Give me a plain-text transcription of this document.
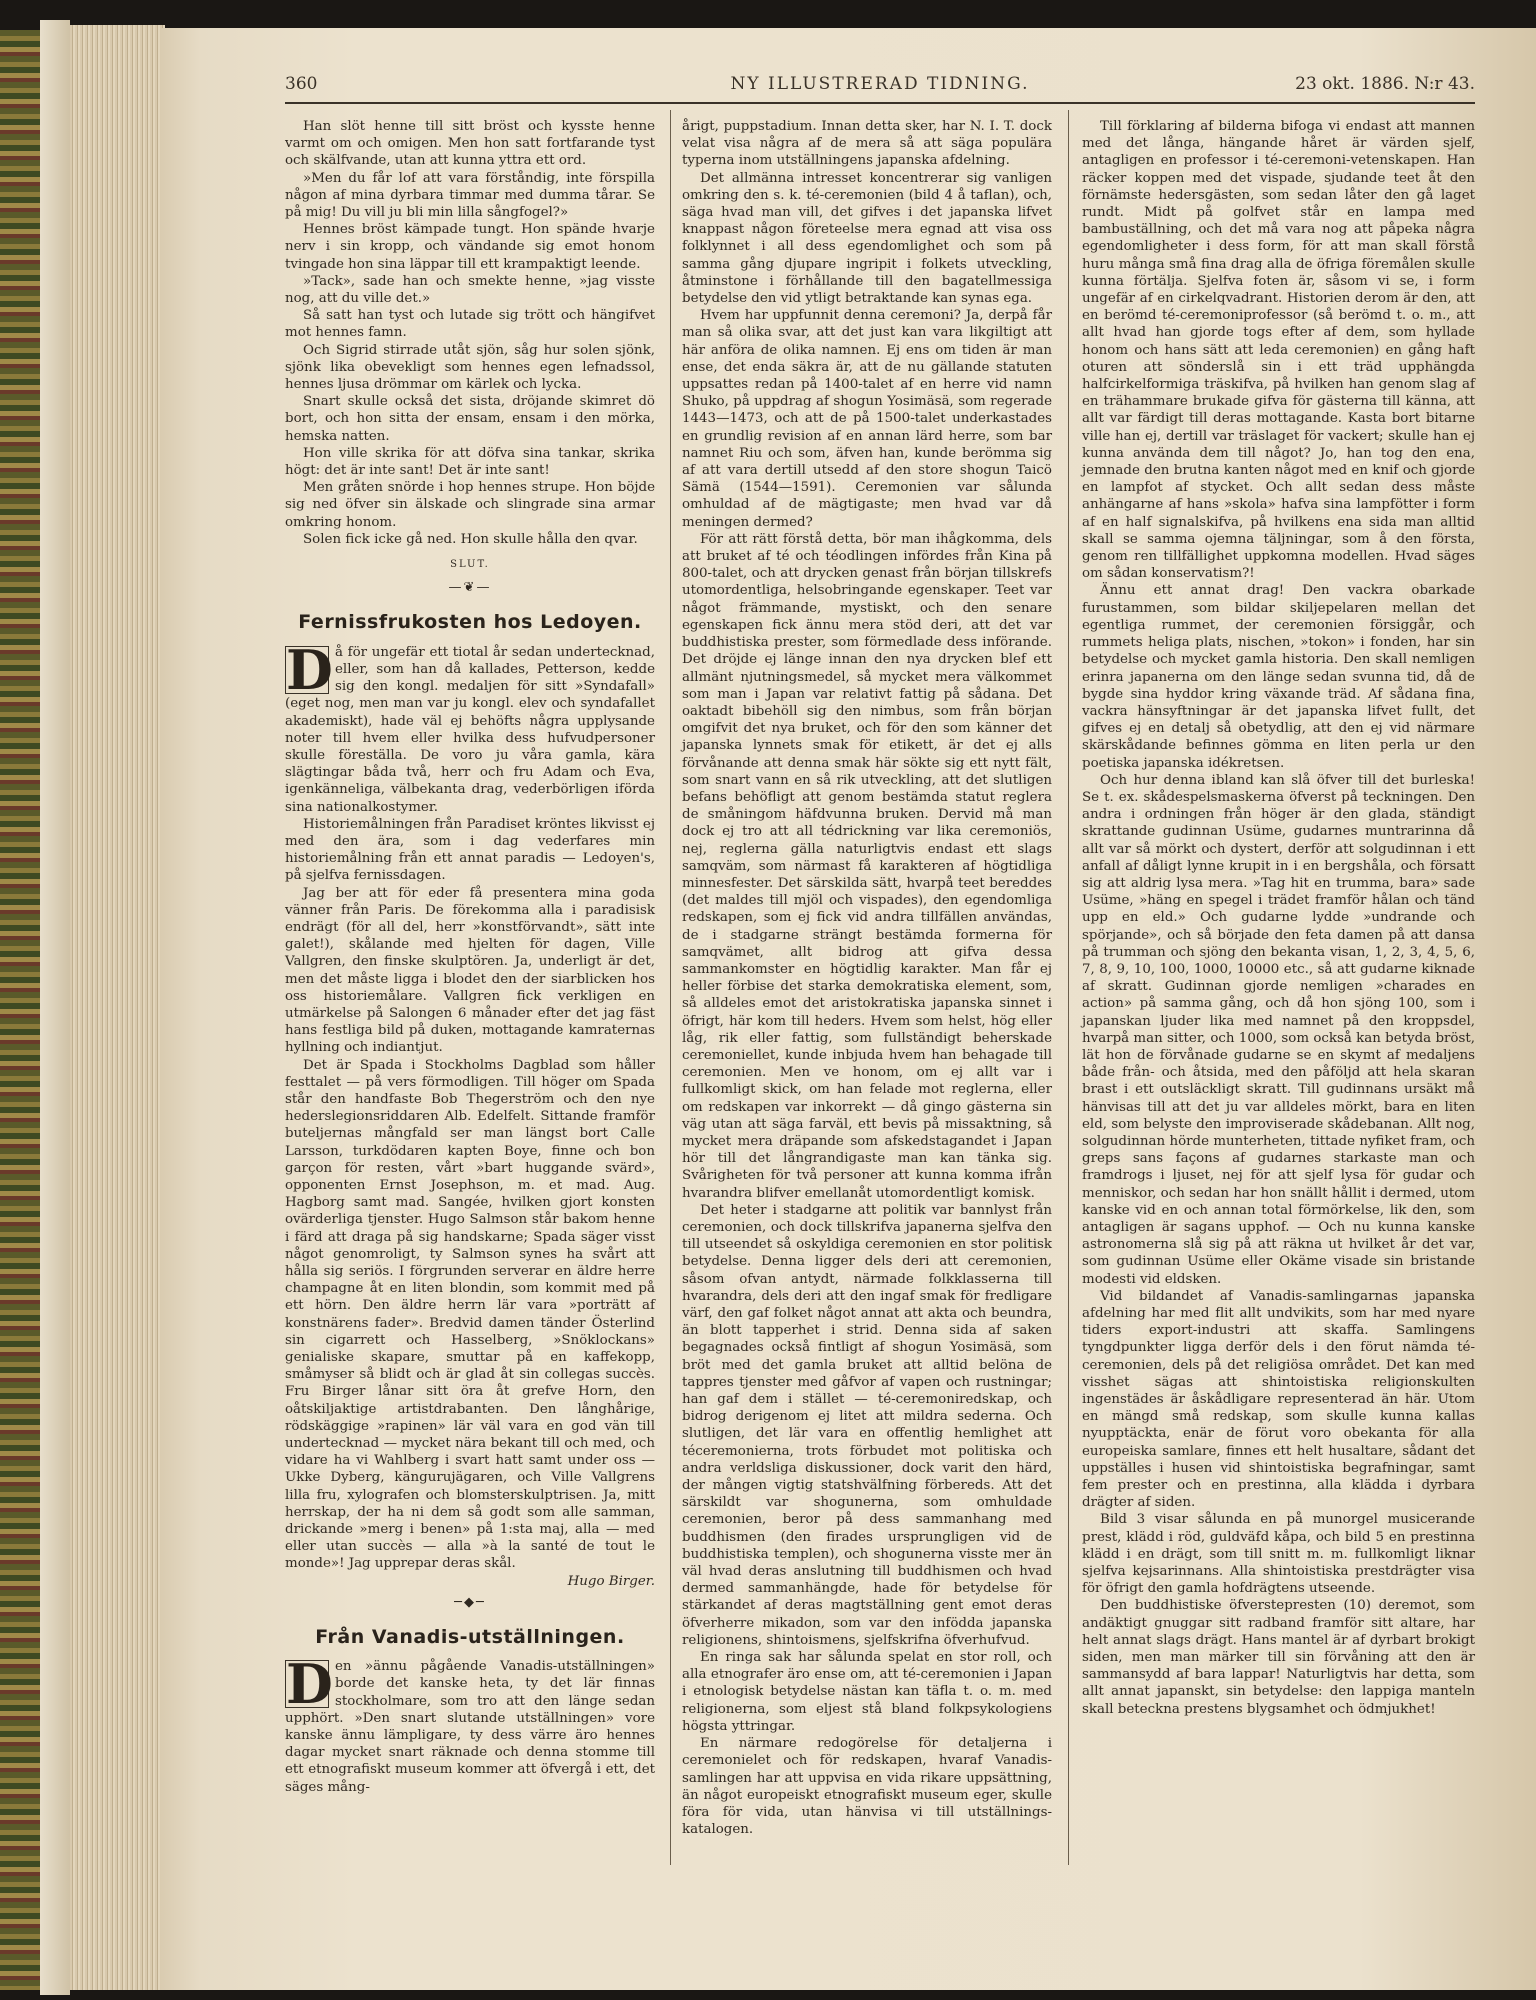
360	NY ILLUSTRERAD TIDNING.	23 okt. 1886. N:r 43.

Han slöt henne till sitt bröst och kysste henne varmt om och omigen. Men hon satt fortfarande tyst och skälfvande, utan att kunna yttra ett ord.

»Men du får lof att vara förståndig, inte förspilla någon af mina dyrbara timmar med dumma tårar. Se på mig! Du vill ju bli min lilla sångfogel?»

Hennes bröst kämpade tungt. Hon spände hvarje nerv i sin kropp, och vändande sig emot honom tvingade hon sina läppar till ett krampaktigt leende.

»Tack», sade han och smekte henne, »jag visste nog, att du ville det.»

Så satt han tyst och lutade sig trött och hängifvet mot hennes famn.

Och Sigrid stirrade utåt sjön, såg hur solen sjönk, sjönk lika obevekligt som hennes egen lefnadssol, hennes ljusa drömmar om kärlek och lycka.

Snart skulle också det sista, dröjande skimret dö bort, och hon sitta der ensam, ensam i den mörka, hemska natten.

Hon ville skrika för att döfva sina tankar, skrika högt: det är inte sant! Det är inte sant!

Men gråten snörde i hop hennes strupe. Hon böjde sig ned öfver sin älskade och slingrade sina armar omkring honom.

Solen fick icke gå ned. Hon skulle hålla den qvar.

SLUT.
—❦—
Fernissfrukosten hos Ledoyen.

D å för ungefär ett tiotal år sedan undertecknad, eller, som han då kallades, Petterson, kedde sig den kongl. medaljen för sitt »Syndafall» (eget nog, men man var ju kongl. elev och syndafallet akademiskt), hade väl ej behöfts några upplysande noter till hvem eller hvilka dess hufvudpersoner skulle föreställa. De voro ju våra gamla, kära slägtingar båda två, herr och fru Adam och Eva, igenkänneliga, välbekanta drag, vederbörligen iförda sina nationalkostymer.

Historiemålningen från Paradiset kröntes likvisst ej med den ära, som i dag vederfares min historiemålning från ett annat paradis — Ledoyen's, på sjelfva fernissdagen.

Jag ber att för eder få presentera mina goda vänner från Paris. De förekomma alla i paradisisk endrägt (för all del, herr »konstförvandt», sätt inte galet!), skålande med hjelten för dagen, Ville Vallgren, den finske skulptören. Ja, underligt är det, men det måste ligga i blodet den der siarblicken hos oss historiemålare. Vallgren fick verkligen en utmärkelse på Salongen 6 månader efter det jag fäst hans festliga bild på duken, mottagande kamraternas hyllning och indiantjut.

Det är Spada i Stockholms Dagblad som håller festtalet — på vers förmodligen. Till höger om Spada står den handfaste Bob Thegerström och den nye hederslegionsriddaren Alb. Edelfelt. Sittande framför buteljernas mångfald ser man längst bort Calle Larsson, turkdödaren kapten Boye, finne och bon garçon för resten, vårt »bart huggande svärd», opponenten Ernst Josephson, m. et mad. Aug. Hagborg samt mad. Sangée, hvilken gjort konsten ovärderliga tjenster. Hugo Salmson står bakom henne i färd att draga på sig handskarne; Spada säger visst något genomroligt, ty Salmson synes ha svårt att hålla sig seriös. I förgrunden serverar en äldre herre champagne åt en liten blondin, som kommit med på ett hörn. Den äldre herrn lär vara »porträtt af konstnärens fader». Bredvid damen tänder Österlind sin cigarrett och Hasselberg, »Snöklockans» genialiske skapare, smuttar på en kaffekopp, småmyser så blidt och är glad åt sin collegas succès. Fru Birger lånar sitt öra åt grefve Horn, den oåtskiljaktige artistdrabanten. Den långhårige, rödskäggige »rapinen» lär väl vara en god vän till undertecknad — mycket nära bekant till och med, och vidare ha vi Wahlberg i svart hatt samt under oss — Ukke Dyberg, kängurujägaren, och Ville Vallgrens lilla fru, xylografen och blomsterskulptrisen. Ja, mitt herrskap, der ha ni dem så godt som alle samman, drickande »merg i benen» på 1:sta maj, alla — med eller utan succès — alla »à la santé de tout le monde»! Jag upprepar deras skål.

Hugo Birger.

─◆─
Från Vanadis-utställningen.

D en »ännu pågående Vanadis-utställningen» borde det kanske heta, ty det lär finnas stockholmare, som tro att den länge sedan upphört. »Den snart slutande utställningen» vore kanske ännu lämpligare, ty dess värre äro hennes dagar mycket snart räknade och denna stomme till ett etnografiskt museum kommer att öfvergå i ett, det säges mång-

årigt, puppstadium. Innan detta sker, har N. I. T. dock velat visa några af de mera så att säga populära typerna inom utställningens japanska afdelning.

Det allmänna intresset koncentrerar sig vanligen omkring den s. k. té-ceremonien (bild 4 å taflan), och, säga hvad man vill, det gifves i det japanska lifvet knappast någon företeelse mera egnad att visa oss folklynnet i all dess egendomlighet och som på samma gång djupare ingripit i folkets utveckling, åtminstone i förhållande till den bagatellmessiga betydelse den vid ytligt betraktande kan synas ega.

Hvem har uppfunnit denna ceremoni? Ja, derpå får man så olika svar, att det just kan vara likgiltigt att här anföra de olika namnen. Ej ens om tiden är man ense, det enda säkra är, att de nu gällande statuten uppsattes redan på 1400-talet af en herre vid namn Shuko, på uppdrag af shogun Yosimäsä, som regerade 1443—1473, och att de på 1500-talet underkastades en grundlig revision af en annan lärd herre, som bar namnet Riu och som, äfven han, kunde berömma sig af att vara dertill utsedd af den store shogun Taicö Sämä (1544—1591). Ceremonien var sålunda omhuldad af de mägtigaste; men hvad var då meningen dermed?

För att rätt förstå detta, bör man ihågkomma, dels att bruket af té och téodlingen infördes från Kina på 800-talet, och att drycken genast från början tillskrefs utomordentliga, helsobringande egenskaper. Teet var något främmande, mystiskt, och den senare egenskapen fick ännu mera stöd deri, att det var buddhistiska prester, som förmedlade dess införande. Det dröjde ej länge innan den nya drycken blef ett allmänt njutningsmedel, så mycket mera välkommet som man i Japan var relativt fattig på sådana. Det oaktadt bibehöll sig den nimbus, som från början omgifvit det nya bruket, och för den som känner det japanska lynnets smak för etikett, är det ej alls förvånande att denna smak här sökte sig ett nytt fält, som snart vann en så rik utveckling, att det slutligen befans behöfligt att genom bestämda statut reglera de småningom häfdvunna bruken. Dervid må man dock ej tro att all tédrickning var lika ceremoniös, nej, reglerna gälla naturligtvis endast ett slags samqväm, som närmast få karakteren af högtidliga minnesfester. Det särskilda sätt, hvarpå teet bereddes (det maldes till mjöl och vispades), den egendomliga redskapen, som ej fick vid andra tillfällen användas, de i stadgarne strängt bestämda formerna för samqvämet, allt bidrog att gifva dessa sammankomster en högtidlig karakter. Man får ej heller förbise det starka demokratiska element, som, så alldeles emot det aristokratiska japanska sinnet i öfrigt, här kom till heders. Hvem som helst, hög eller låg, rik eller fattig, som fullständigt beherskade ceremoniellet, kunde inbjuda hvem han behagade till ceremonien. Men ve honom, om ej allt var i fullkomligt skick, om han felade mot reglerna, eller om redskapen var inkorrekt — då gingo gästerna sin väg utan att säga farväl, ett bevis på missaktning, så mycket mera dräpande som afskedstagandet i Japan hör till det långrandigaste man kan tänka sig. Svårigheten för två personer att kunna komma ifrån hvarandra blifver emellanåt utomordentligt komisk.

Det heter i stadgarne att politik var bannlyst från ceremonien, och dock tillskrifva japanerna sjelfva den till utseendet så oskyldiga ceremonien en stor politisk betydelse. Denna ligger dels deri att ceremonien, såsom ofvan antydt, närmade folkklasserna till hvarandra, dels deri att den ingaf smak för fredligare värf, den gaf folket något annat att akta och beundra, än blott tapperhet i strid. Denna sida af saken begagnades också fintligt af shogun Yosimäsä, som bröt med det gamla bruket att alltid belöna de tappres tjenster med gåfvor af vapen och rustningar; han gaf dem i stället — té-ceremoniredskap, och bidrog derigenom ej litet att mildra sederna. Och slutligen, det lär vara en offentlig hemlighet att téceremonierna, trots förbudet mot politiska och andra verldsliga diskussioner, dock varit den härd, der mången vigtig statshvälfning förbereds. Att det särskildt var shogunerna, som omhuldade ceremonien, beror på dess sammanhang med buddhismen (den firades ursprungligen vid de buddhistiska templen), och shogunerna visste mer än väl hvad deras anslutning till buddhismen och hvad dermed sammanhängde, hade för betydelse för stärkandet af deras magtställning gent emot deras öfverherre mikadon, som var den infödda japanska religionens, shintoismens, sjelfskrifna öfverhufvud.

En ringa sak har sålunda spelat en stor roll, och alla etnografer äro ense om, att té-ceremonien i Japan i etnologisk betydelse nästan kan täfla t. o. m. med religionerna, som eljest stå bland folkpsykologiens högsta yttringar.

En närmare redogörelse för detaljerna i ceremonielet och för redskapen, hvaraf Vanadis-samlingen har att uppvisa en vida rikare uppsättning, än något europeiskt etnografiskt museum eger, skulle föra för vida, utan hänvisa vi till utställnings-katalogen.

Till förklaring af bilderna bifoga vi endast att mannen med det långa, hängande håret är värden sjelf, antagligen en professor i té-ceremoni-vetenskapen. Han räcker koppen med det vispade, sjudande teet åt den förnämste hedersgästen, som sedan låter den gå laget rundt. Midt på golfvet står en lampa med bambuställning, och det må vara nog att påpeka några egendomligheter i dess form, för att man skall förstå huru många små fina drag alla de öfriga föremålen skulle kunna förtälja. Sjelfva foten är, såsom vi se, i form ungefär af en cirkelqvadrant. Historien derom är den, att en berömd té-ceremoniprofessor (så berömd t. o. m., att allt hvad han gjorde togs efter af dem, som hyllade honom och hans sätt att leda ceremonien) en gång haft oturen att sönderslå sin i ett träd upphängda halfcirkelformiga träskifva, på hvilken han genom slag af en trähammare brukade gifva för gästerna till känna, att allt var färdigt till deras mottagande. Kasta bort bitarne ville han ej, dertill var träslaget för vackert; skulle han ej kunna använda dem till något? Jo, han tog den ena, jemnade den brutna kanten något med en knif och gjorde en lampfot af stycket. Och allt sedan dess måste anhängarne af hans »skola» hafva sina lampfötter i form af en half signalskifva, på hvilkens ena sida man alltid skall se samma ojemna täljningar, som å den första, genom ren tillfällighet uppkomna modellen. Hvad säges om sådan konservatism?!

Ännu ett annat drag! Den vackra obarkade furustammen, som bildar skiljepelaren mellan det egentliga rummet, der ceremonien försiggår, och rummets heliga plats, nischen, »tokon» i fonden, har sin betydelse och mycket gamla historia. Den skall nemligen erinra japanerna om den länge sedan svunna tid, då de bygde sina hyddor kring växande träd. Af sådana fina, vackra hänsyftningar är det japanska lifvet fullt, det gifves ej en detalj så obetydlig, att den ej vid närmare skärskådande befinnes gömma en liten perla ur den poetiska japanska idékretsen.

Och hur denna ibland kan slå öfver till det burleska! Se t. ex. skådespelsmaskerna öfverst på teckningen. Den andra i ordningen från höger är den glada, ständigt skrattande gudinnan Usüme, gudarnes muntrarinna då allt var så mörkt och dystert, derför att solgudinnan i ett anfall af dåligt lynne krupit in i en bergshåla, och försatt sig att aldrig lysa mera. »Tag hit en trumma, bara» sade Usüme, »häng en spegel i trädet framför hålan och tänd upp en eld.» Och gudarne lydde »undrande och spörjande», och så började den feta damen på att dansa på trumman och sjöng den bekanta visan, 1, 2, 3, 4, 5, 6, 7, 8, 9, 10, 100, 1000, 10000 etc., så att gudarne kiknade af skratt. Gudinnan gjorde nemligen »charades en action» på samma gång, och då hon sjöng 100, som i japanskan ljuder lika med namnet på den kroppsdel, hvarpå man sitter, och 1000, som också kan betyda bröst, lät hon de förvånade gudarne se en skymt af medaljens både från- och åtsida, med den påföljd att hela skaran brast i ett outsläckligt skratt. Till gudinnans ursäkt må hänvisas till att det ju var alldeles mörkt, bara en liten eld, som belyste den improviserade skådebanan. Allt nog, solgudinnan hörde munterheten, tittade nyfiket fram, och greps sans façons af gudarnes starkaste man och framdrogs i ljuset, nej för att sjelf lysa för gudar och menniskor, och sedan har hon snällt hållit i dermed, utom kanske vid en och annan total förmörkelse, lik den, som antagligen är sagans upphof. — Och nu kunna kanske astronomerna slå sig på att räkna ut hvilket år det var, som gudinnan Usüme eller Okäme visade sin bristande modesti vid eldsken.

Vid bildandet af Vanadis-samlingarnas japanska afdelning har med flit allt undvikits, som har med nyare tiders export-industri att skaffa. Samlingens tyngdpunkter ligga derför dels i den förut nämda té-ceremonien, dels på det religiösa området. Det kan med visshet sägas att shintoistiska religionskulten ingenstädes är åskådligare representerad än här. Utom en mängd små redskap, som skulle kunna kallas nyupptäckta, enär de förut voro obekanta för alla europeiska samlare, finnes ett helt husaltare, sådant det uppställes i husen vid shintoistiska begrafningar, samt fem prester och en prestinna, alla klädda i dyrbara drägter af siden.

Bild 3 visar sålunda en på munorgel musicerande prest, klädd i röd, guldväfd kåpa, och bild 5 en prestinna klädd i en drägt, som till snitt m. m. fullkomligt liknar sjelfva kejsarinnans. Alla shintoistiska prestdrägter visa för öfrigt den gamla hofdrägtens utseende.

Den buddhistiske öfverstepresten (10) deremot, som andäktigt gnuggar sitt radband framför sitt altare, har helt annat slags drägt. Hans mantel är af dyrbart brokigt siden, men man märker till sin förvåning att den är sammansydd af bara lappar! Naturligtvis har detta, som allt annat japanskt, sin betydelse: den lappiga manteln skall beteckna prestens blygsamhet och ödmjukhet!
